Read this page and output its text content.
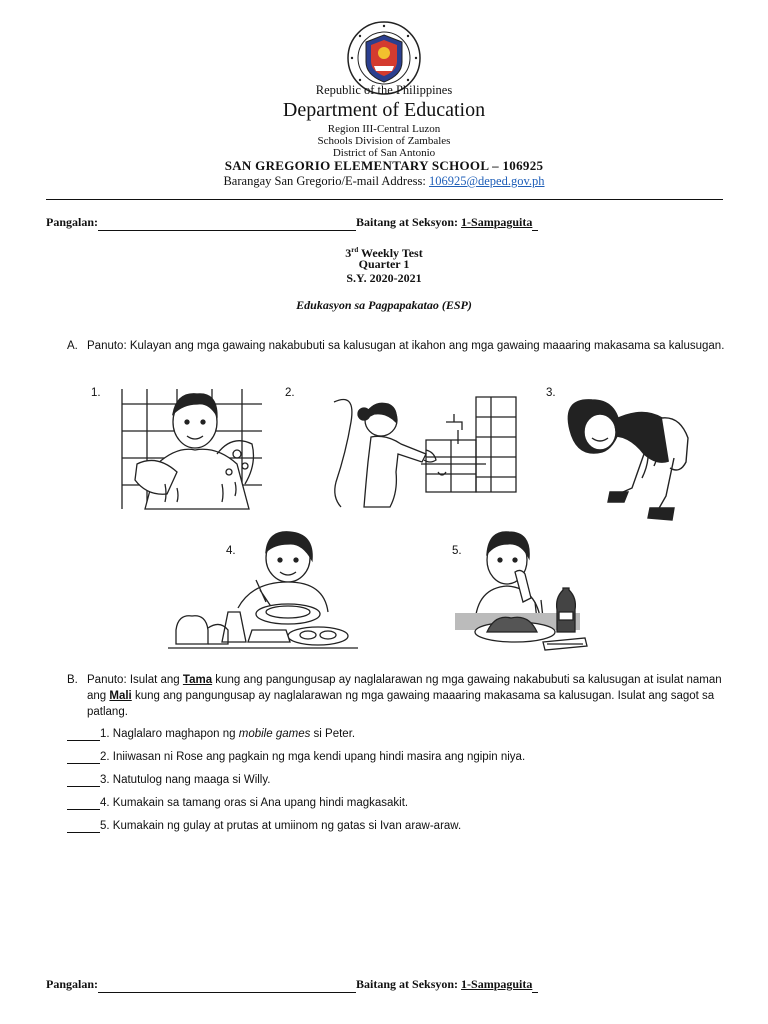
Republic of the Philippines
Department of Education
Region III-Central Luzon
Schools Division of Zambales
District of San Antonio
SAN GREGORIO ELEMENTARY SCHOOL – 106925
Barangay San Gregorio/E-mail Address: 106925@deped.gov.ph
Pangalan:	Baitang at Seksyon: 1-Sampaguita
3rd Weekly Test
Quarter 1
S.Y. 2020-2021
Edukasyon sa Pagpapakatao (ESP)
A. Panuto: Kulayan ang mga gawaing nakabubuti sa kalusugan at ikahon ang mga gawaing maaaring makasama sa kalusugan.
1.	2.	3.
4.	5.
B. Panuto: Isulat ang Tama kung ang pangungusap ay naglalarawan ng mga gawaing nakabubuti sa kalusugan at isulat naman ang Mali kung ang pangungusap ay naglalarawan ng mga gawaing maaaring makasama sa kalusugan. Isulat ang sagot sa patlang.
1. Naglalaro maghapon ng mobile games si Peter.
2. Iniiwasan ni Rose ang pagkain ng mga kendi upang hindi masira ang ngipin niya.
3. Natutulog nang maaga si Willy.
4. Kumakain sa tamang oras si Ana upang hindi magkasakit.
5. Kumakain ng gulay at prutas at umiinom ng gatas si Ivan araw-araw.
Pangalan:	Baitang at Seksyon: 1-Sampaguita
